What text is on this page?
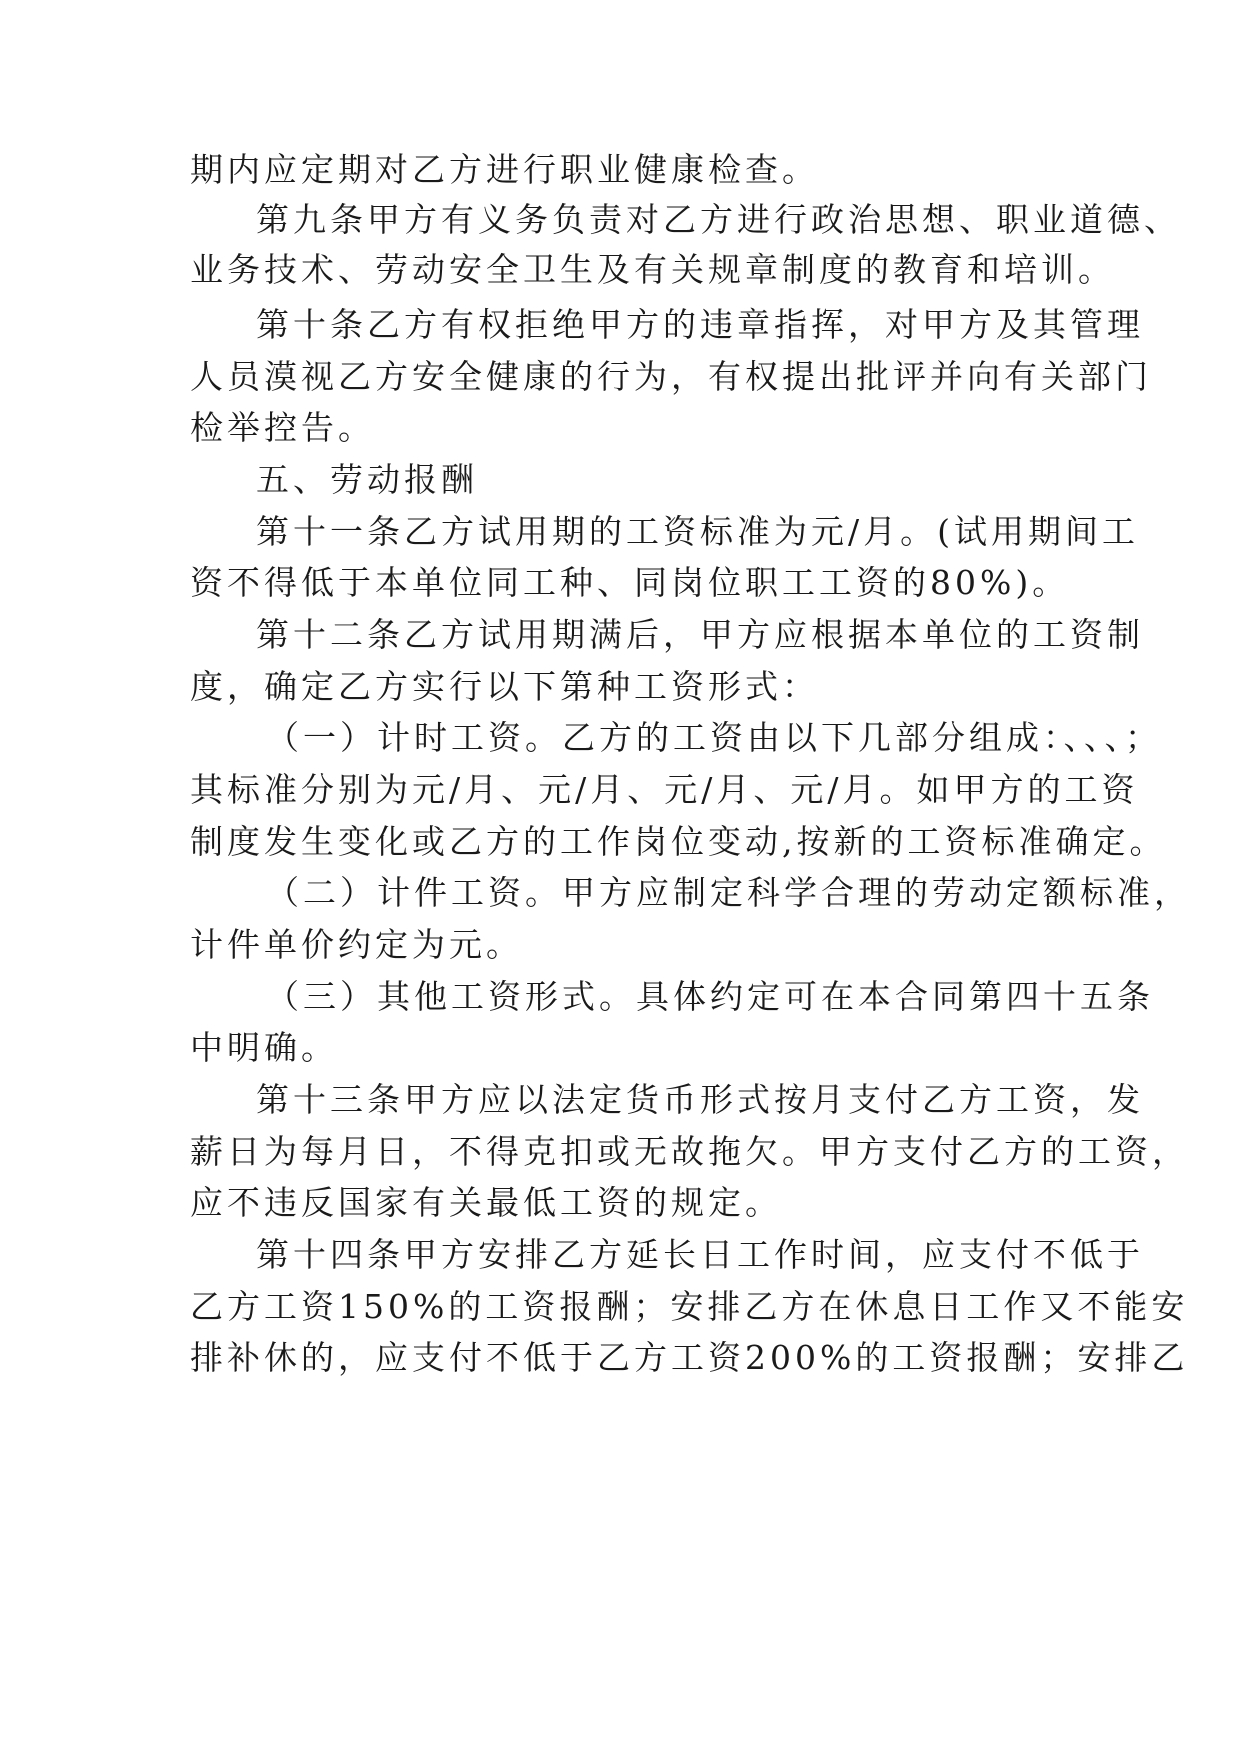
期内应定期对乙方进行职业健康检查。

第九条甲方有义务负责对乙方进行政治思想、职业道德、

业务技术、劳动安全卫生及有关规章制度的教育和培训。

第十条乙方有权拒绝甲方的违章指挥，对甲方及其管理

人员漠视乙方安全健康的行为，有权提出批评并向有关部门

检举控告。

五、劳动报酬

第十一条乙方试用期的工资标准为元/月。(试用期间工

资不得低于本单位同工种、同岗位职工工资的80%)。

第十二条乙方试用期满后，甲方应根据本单位的工资制

度，确定乙方实行以下第种工资形式：

（一）计时工资。乙方的工资由以下几部分组成：、、、；

其标准分别为元/月、元/月、元/月、元/月。如甲方的工资

制度发生变化或乙方的工作岗位变动,按新的工资标准确定。

（二）计件工资。甲方应制定科学合理的劳动定额标准，

计件单价约定为元。

（三）其他工资形式。具体约定可在本合同第四十五条

中明确。

第十三条甲方应以法定货币形式按月支付乙方工资，发

薪日为每月日，不得克扣或无故拖欠。甲方支付乙方的工资，

应不违反国家有关最低工资的规定。

第十四条甲方安排乙方延长日工作时间，应支付不低于

乙方工资150%的工资报酬；安排乙方在休息日工作又不能安

排补休的，应支付不低于乙方工资200%的工资报酬；安排乙
